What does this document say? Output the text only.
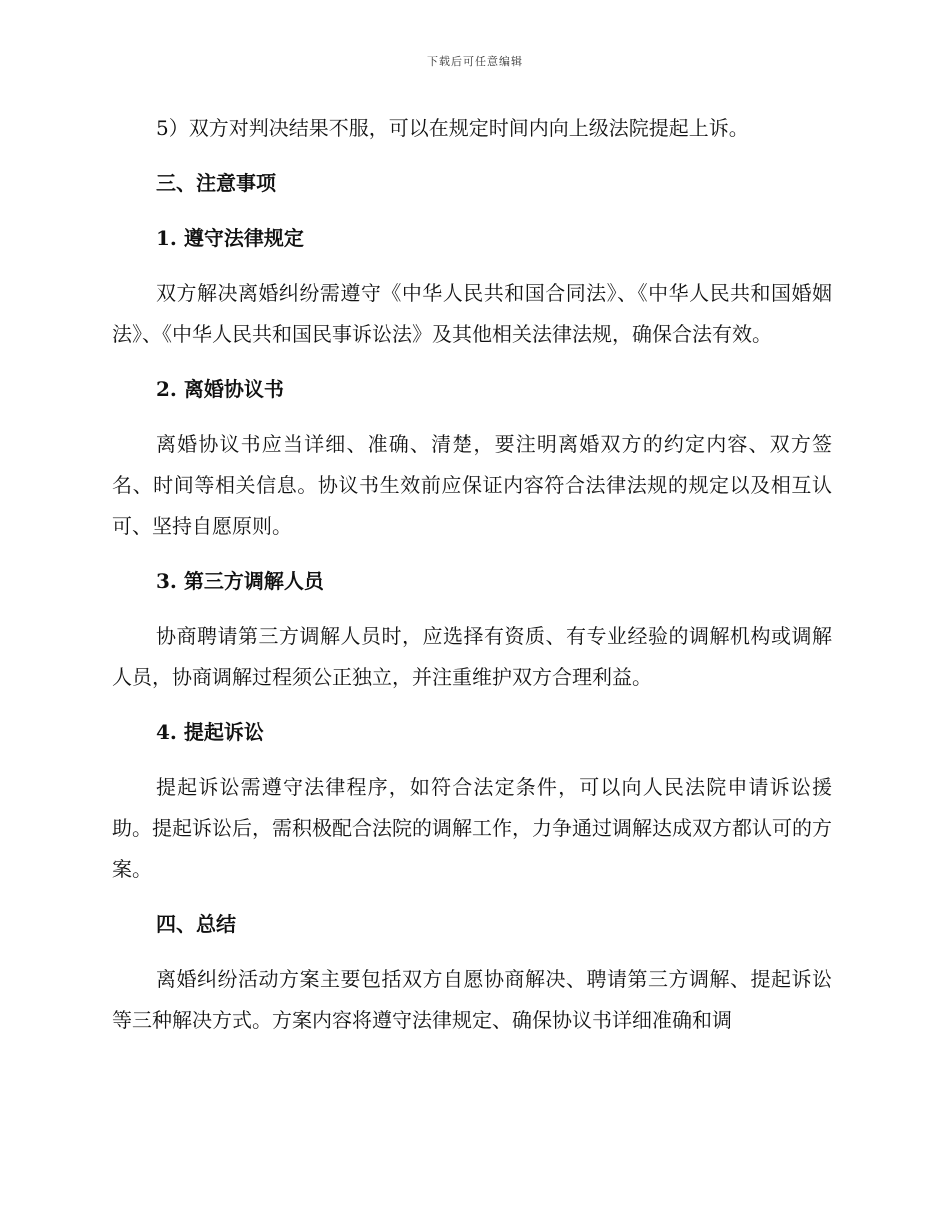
下载后可任意编辑

5）双方对判决结果不服，可以在规定时间内向上级法院提起上诉。

三、注意事项

1. 遵守法律规定

双方解决离婚纠纷需遵守《中华人民共和国合同法》、《中华人民共和国婚姻法》、《中华人民共和国民事诉讼法》及其他相关法律法规，确保合法有效。

2. 离婚协议书

离婚协议书应当详细、准确、清楚，要注明离婚双方的约定内容、双方签名、时间等相关信息。协议书生效前应保证内容符合法律法规的规定以及相互认可、坚持自愿原则。

3. 第三方调解人员

协商聘请第三方调解人员时，应选择有资质、有专业经验的调解机构或调解人员，协商调解过程须公正独立，并注重维护双方合理利益。

4. 提起诉讼

提起诉讼需遵守法律程序，如符合法定条件，可以向人民法院申请诉讼援助。提起诉讼后，需积极配合法院的调解工作，力争通过调解达成双方都认可的方案。

四、总结

离婚纠纷活动方案主要包括双方自愿协商解决、聘请第三方调解、提起诉讼等三种解决方式。方案内容将遵守法律规定、确保协议书详细准确和调
